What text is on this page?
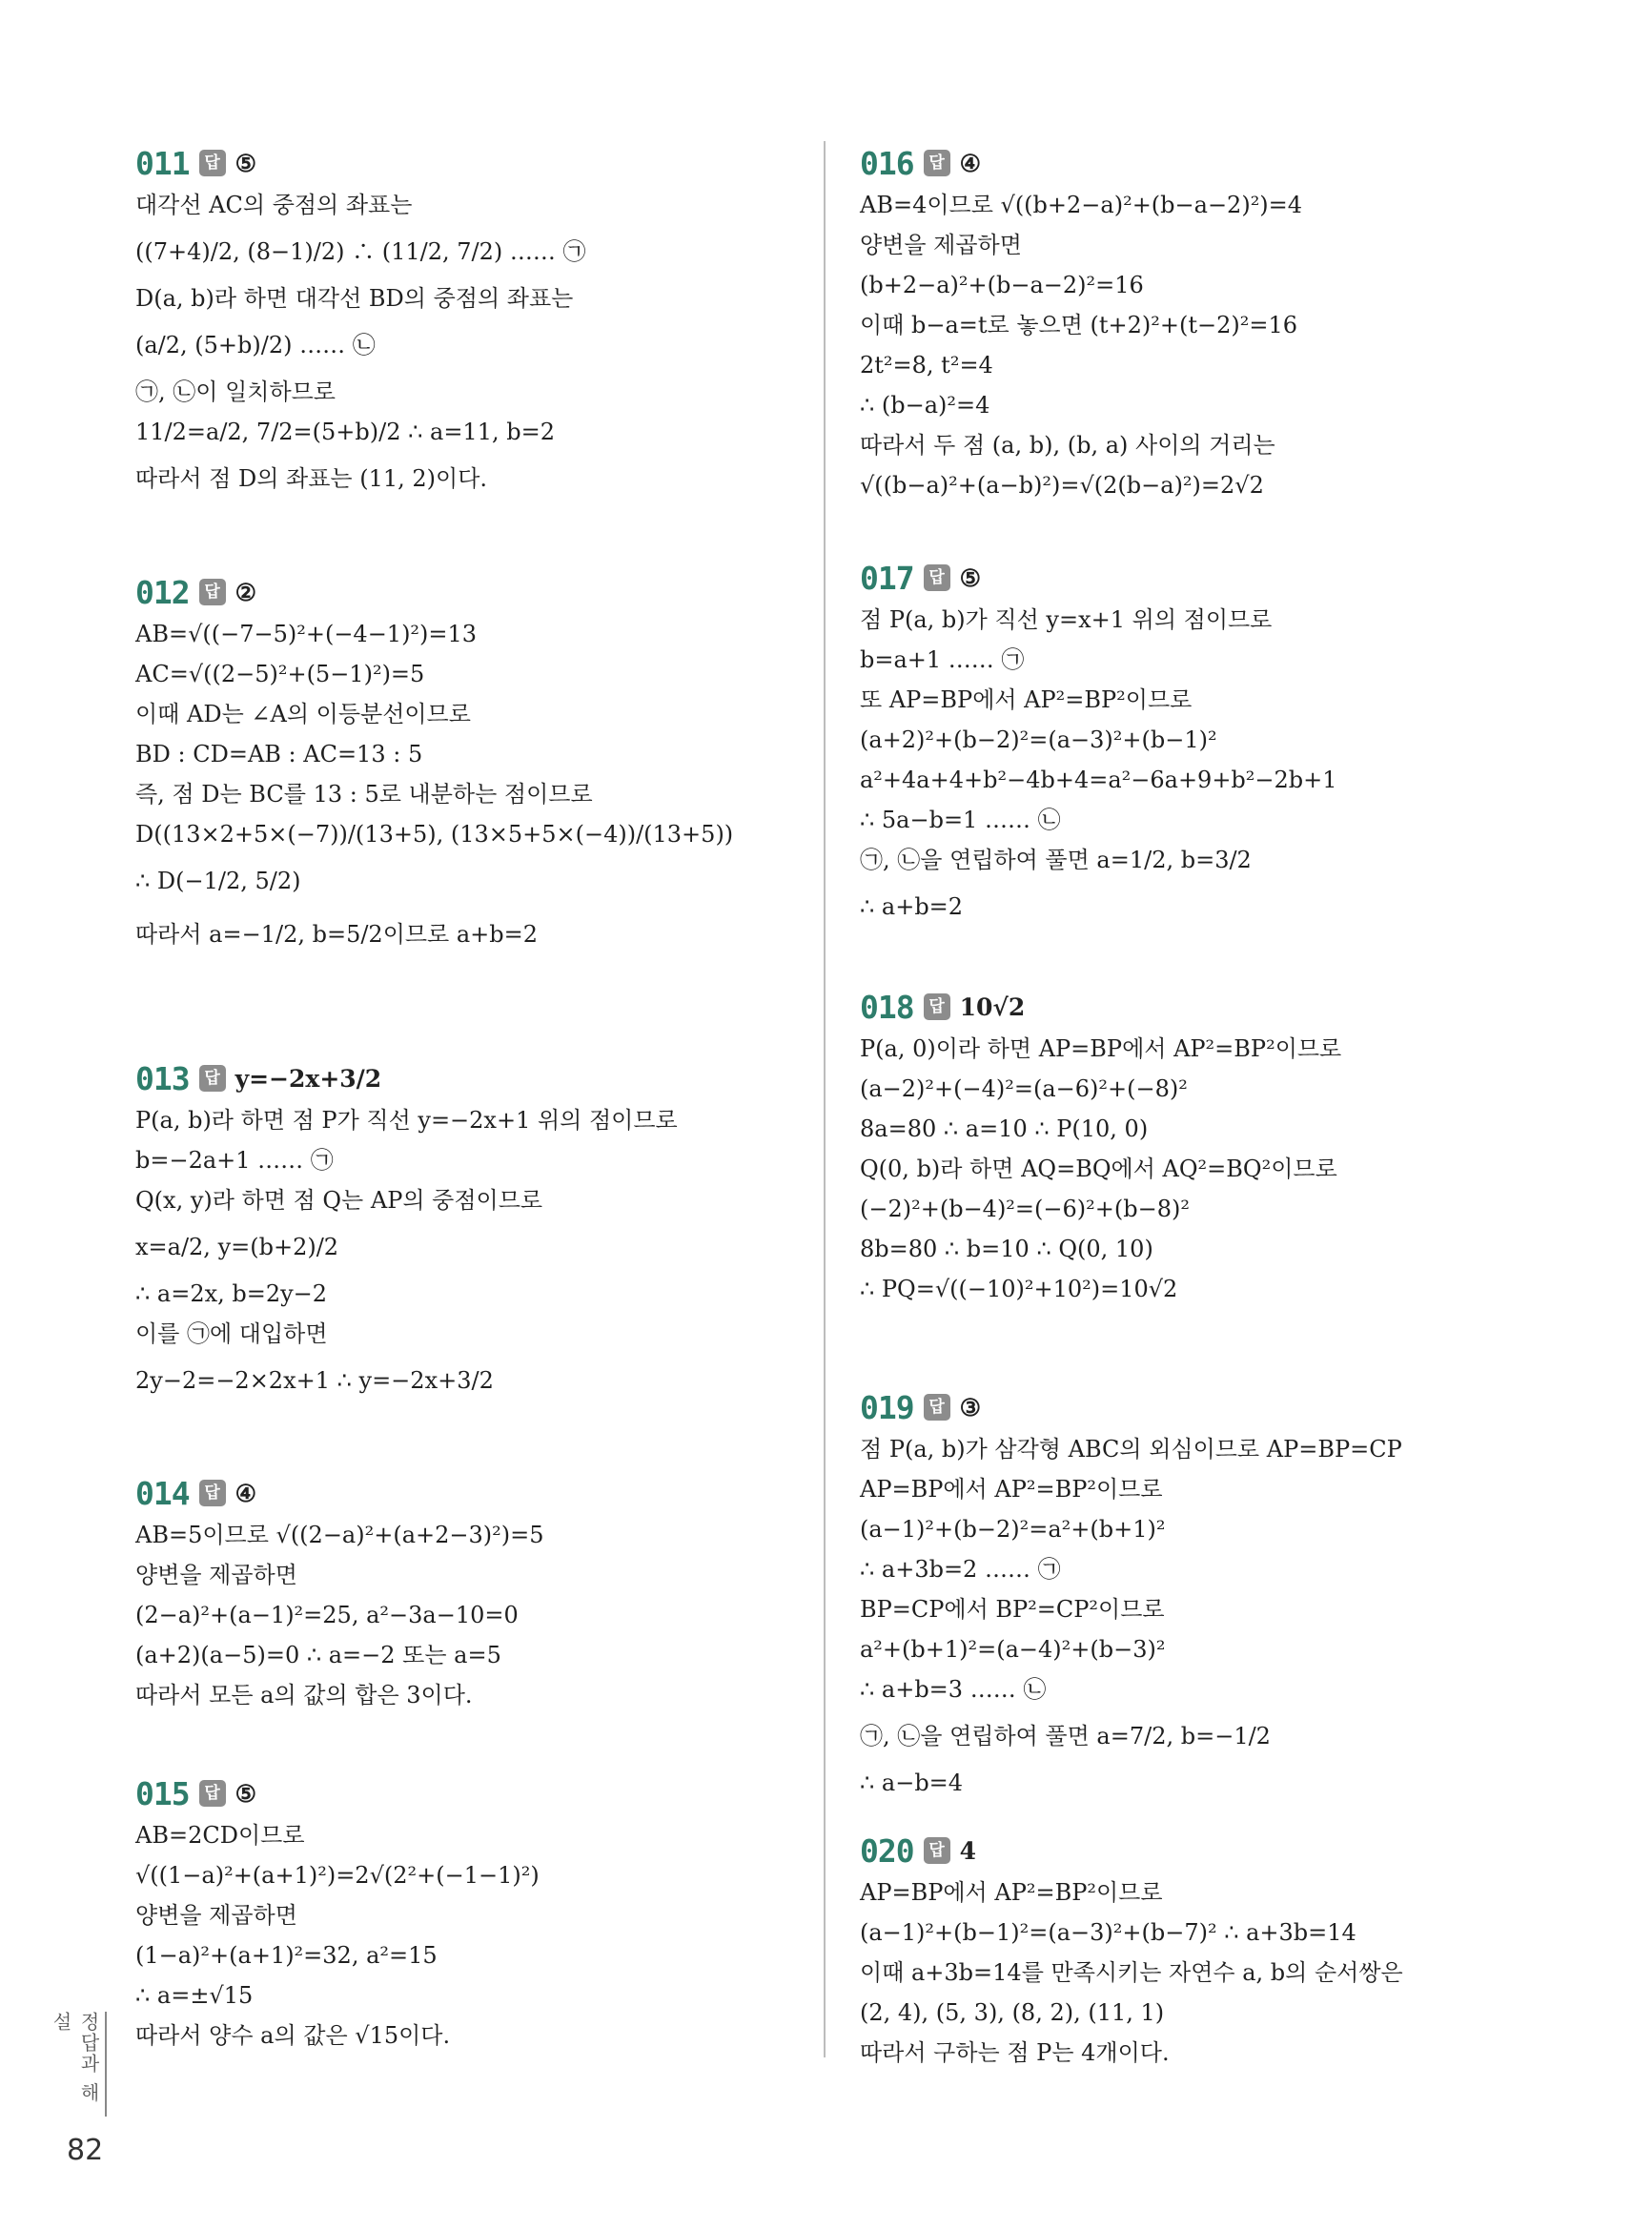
011 답 ⑤
대각선 AC의 중점의 좌표는
((7+4)/2, (8−1)/2) ∴ (11/2, 7/2) …… ㉠
D(a, b)라 하면 대각선 BD의 중점의 좌표는
(a/2, (5+b)/2) …… ㉡
㉠, ㉡이 일치하므로
11/2=a/2, 7/2=(5+b)/2 ∴ a=11, b=2
따라서 점 D의 좌표는 (11, 2)이다.
012 답 ②
AB=√((−7−5)²+(−4−1)²)=13
AC=√((2−5)²+(5−1)²)=5
이때 AD는 ∠A의 이등분선이므로
BD : CD=AB : AC=13 : 5
즉, 점 D는 BC를 13 : 5로 내분하는 점이므로
D((13×2+5×(−7))/(13+5), (13×5+5×(−4))/(13+5))
∴ D(−1/2, 5/2)
따라서 a=−1/2, b=5/2이므로 a+b=2
013 답 y=−2x+3/2
P(a, b)라 하면 점 P가 직선 y=−2x+1 위의 점이므로
b=−2a+1 …… ㉠
Q(x, y)라 하면 점 Q는 AP의 중점이므로
x=a/2, y=(b+2)/2
∴ a=2x, b=2y−2
이를 ㉠에 대입하면
2y−2=−2×2x+1 ∴ y=−2x+3/2
014 답 ④
AB=5이므로 √((2−a)²+(a+2−3)²)=5
양변을 제곱하면
(2−a)²+(a−1)²=25, a²−3a−10=0
(a+2)(a−5)=0 ∴ a=−2 또는 a=5
따라서 모든 a의 값의 합은 3이다.
015 답 ⑤
AB=2CD이므로
√((1−a)²+(a+1)²)=2√(2²+(−1−1)²)
양변을 제곱하면
(1−a)²+(a+1)²=32, a²=15
∴ a=±√15
따라서 양수 a의 값은 √15이다.
016 답 ④
AB=4이므로 √((b+2−a)²+(b−a−2)²)=4
양변을 제곱하면
(b+2−a)²+(b−a−2)²=16
이때 b−a=t로 놓으면 (t+2)²+(t−2)²=16
2t²=8, t²=4
∴ (b−a)²=4
따라서 두 점 (a, b), (b, a) 사이의 거리는
√((b−a)²+(a−b)²)=√(2(b−a)²)=2√2
017 답 ⑤
점 P(a, b)가 직선 y=x+1 위의 점이므로
b=a+1 …… ㉠
또 AP=BP에서 AP²=BP²이므로
(a+2)²+(b−2)²=(a−3)²+(b−1)²
a²+4a+4+b²−4b+4=a²−6a+9+b²−2b+1
∴ 5a−b=1 …… ㉡
㉠, ㉡을 연립하여 풀면 a=1/2, b=3/2
∴ a+b=2
018 답 10√2
P(a, 0)이라 하면 AP=BP에서 AP²=BP²이므로
(a−2)²+(−4)²=(a−6)²+(−8)²
8a=80 ∴ a=10 ∴ P(10, 0)
Q(0, b)라 하면 AQ=BQ에서 AQ²=BQ²이므로
(−2)²+(b−4)²=(−6)²+(b−8)²
8b=80 ∴ b=10 ∴ Q(0, 10)
∴ PQ=√((−10)²+10²)=10√2
019 답 ③
점 P(a, b)가 삼각형 ABC의 외심이므로 AP=BP=CP
AP=BP에서 AP²=BP²이므로
(a−1)²+(b−2)²=a²+(b+1)²
∴ a+3b=2 …… ㉠
BP=CP에서 BP²=CP²이므로
a²+(b+1)²=(a−4)²+(b−3)²
∴ a+b=3 …… ㉡
㉠, ㉡을 연립하여 풀면 a=7/2, b=−1/2
∴ a−b=4
020 답 4
AP=BP에서 AP²=BP²이므로
(a−1)²+(b−1)²=(a−3)²+(b−7)² ∴ a+3b=14
이때 a+3b=14를 만족시키는 자연수 a, b의 순서쌍은
(2, 4), (5, 3), (8, 2), (11, 1)
따라서 구하는 점 P는 4개이다.
정답과 해설
82
